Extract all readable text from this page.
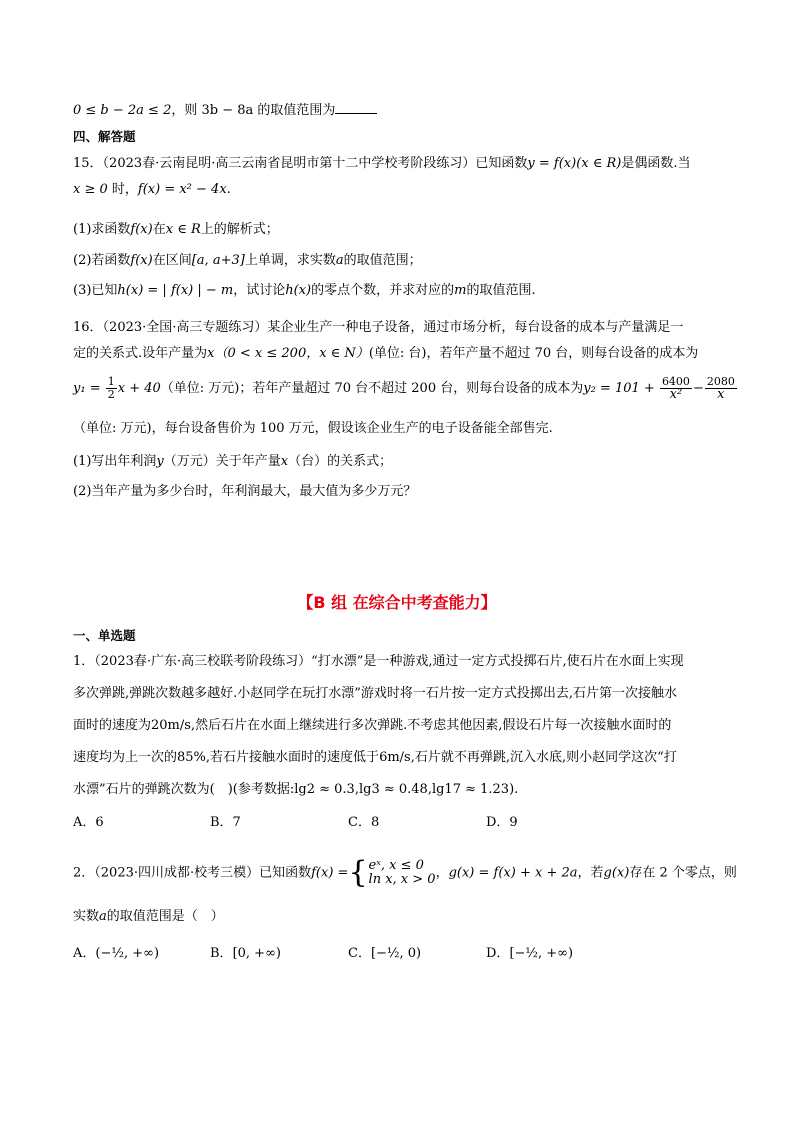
0 ≤ b − 2a ≤ 2，则 3b − 8a 的取值范围为
四、解答题
15．（2023春·云南昆明·高三云南省昆明市第十二中学校考阶段练习）已知函数y = f(x)(x ∈ R)是偶函数.当
x ≥ 0 时，f(x) = x² − 4x.
(1)求函数f(x)在x ∈ R上的解析式；
(2)若函数f(x)在区间[a, a+3]上单调，求实数a的取值范围；
(3)已知h(x) = | f(x) | − m，试讨论h(x)的零点个数，并求对应的m的取值范围.
16．（2023·全国·高三专题练习）某企业生产一种电子设备，通过市场分析，每台设备的成本与产量满足一
定的关系式.设年产量为x（0 < x ≤ 200，x ∈ N）(单位: 台)，若年产量不超过 70 台，则每台设备的成本为
$y_1 = \frac{1}{2}$ x + 40（单位: 万元)；若年产量超过 70 台不超过 200 台，则每台设备的成本为$y_2 = 101 + \frac{6400}{\text{x²}} - \frac{2080}{x}$
（单位: 万元)，每台设备售价为 100 万元，假设该企业生产的电子设备能全部售完.
(1)写出年利润y（万元）关于年产量x（台）的关系式；
(2)当年产量为多少台时，年利润最大，最大值为多少万元？
【B 组 在综合中考查能力】
一、单选题
1．（2023春·广东·高三校联考阶段练习）“打水漂”是一种游戏,通过一定方式投掷石片,使石片在水面上实现
多次弹跳,弹跳次数越多越好.小赵同学在玩打水漂”游戏时将一石片按一定方式投掷出去,石片第一次接触水
面时的速度为20m/s,然后石片在水面上继续进行多次弹跳.不考虑其他因素,假设石片每一次接触水面时的
速度均为上一次的85%,若石片接触水面时的速度低于6m/s,石片就不再弹跳,沉入水底,则小赵同学这次“打
水漂”石片的弹跳次数为(　)(参考数据:lg2 ≈ 0.3,lg3 ≈ 0.48,lg17 ≈ 1.23).
A．6	B．7	C．8	D．9
2．（2023·四川成都·校考三模）已知函数f(x) ={ eˣ, x ≤ 0
ln x, x > 0 ，g(x) = f(x) + x + 2a，若g(x)存在 2 个零点，则
实数a的取值范围是（　）
A．(−½, +∞)	B．[0, +∞)	C．[−½, 0)	D．[−½, +∞)
